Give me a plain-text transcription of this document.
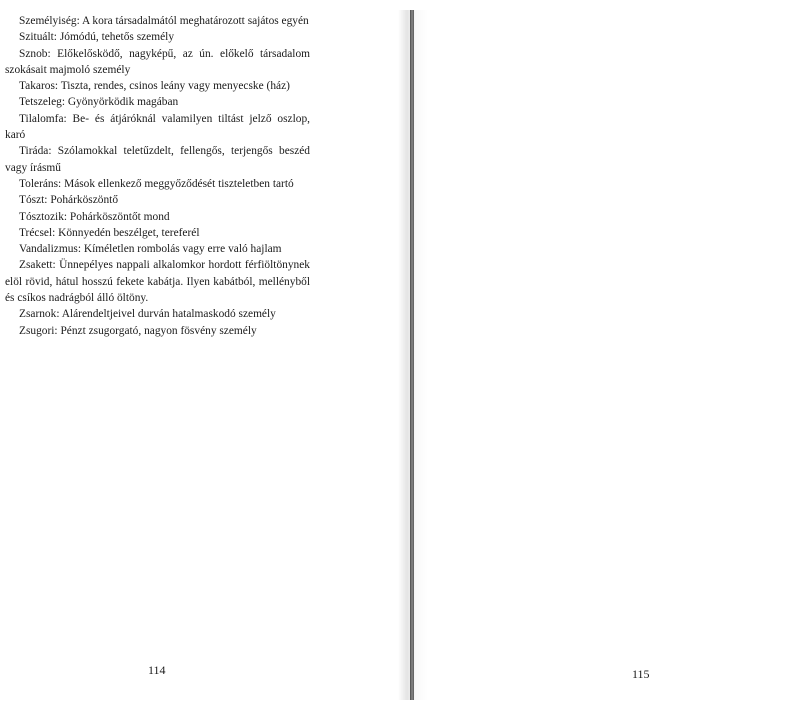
Személyiség: A kora társadalmától meghatározott sajátos egyén

Szituált: Jómódú, tehetős személy

Sznob: Előkelősködő, nagyképű, az ún. előkelő társadalom szokásait majmoló személy

Takaros: Tiszta, rendes, csinos leány vagy menyecske (ház)

Tetszeleg: Gyönyörködik magában

Tilalomfa: Be- és átjáróknál valamilyen tiltást jelző oszlop, karó

Tiráda: Szólamokkal teletűzdelt, fellengős, terjengős beszéd vagy írásmű

Toleráns: Mások ellenkező meggyőződését tiszteletben tartó

Tószt: Pohárköszöntő

Tósztozik: Pohárköszöntőt mond

Trécsel: Könnyedén beszélget, tereferél

Vandalizmus: Kíméletlen rombolás vagy erre való hajlam

Zsakett: Ünnepélyes nappali alkalomkor hordott férfiöltönynek elöl rövid, hátul hosszú fekete kabátja. Ilyen kabátból, mellényből és csíkos nadrágból álló öltöny.

Zsarnok: Alárendeltjeivel durván hatalmaskodó személy

Zsugori: Pénzt zsugorgató, nagyon fösvény személy

114	115
